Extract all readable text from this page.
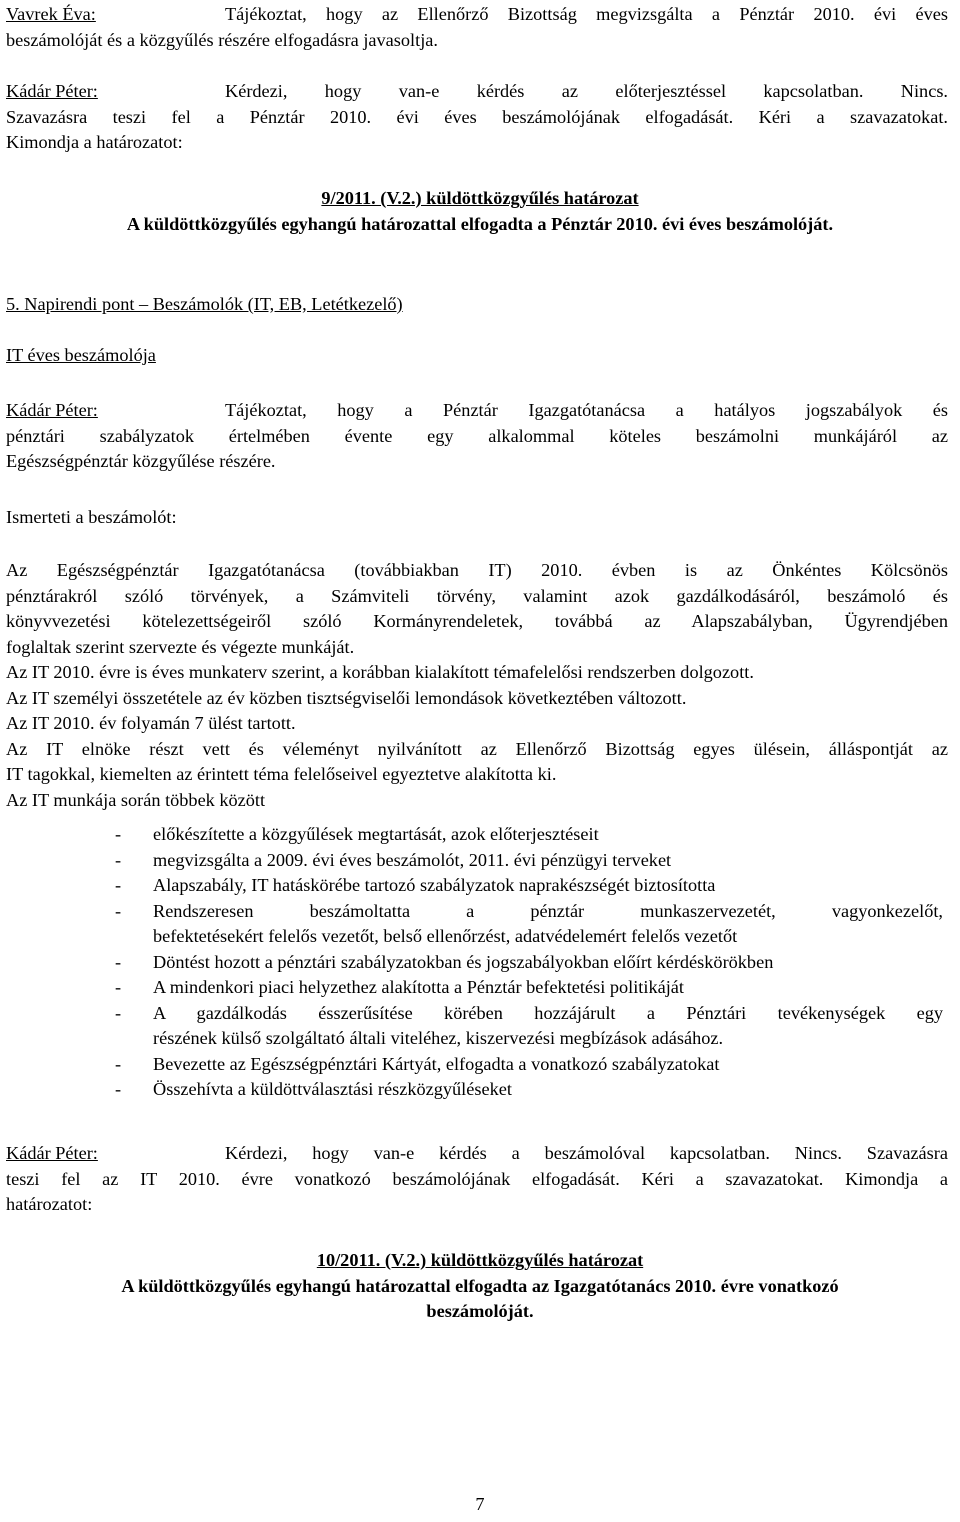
Vavrek Éva:	Tájékoztat, hogy az Ellenőrző Bizottság megvizsgálta a Pénztár 2010. évi éves
beszámolóját és a közgyűlés részére elfogadásra javasoltja.
Kádár Péter:	Kérdezi, hogy van-e kérdés az előterjesztéssel kapcsolatban. Nincs.
Szavazásra teszi fel a Pénztár 2010. évi éves beszámolójának elfogadását. Kéri a szavazatokat.
Kimondja a határozatot:
9/2011. (V.2.) küldöttközgyűlés határozat
A küldöttközgyűlés egyhangú határozattal elfogadta a Pénztár 2010. évi éves beszámolóját.
5. Napirendi pont – Beszámolók (IT, EB, Letétkezelő)
IT éves beszámolója
Kádár Péter:	Tájékoztat, hogy a Pénztár Igazgatótanácsa a hatályos jogszabályok és
pénztári szabályzatok értelmében évente egy alkalommal köteles beszámolni munkájáról az
Egészségpénztár közgyűlése részére.
Ismerteti a beszámolót:
Az Egészségpénztár Igazgatótanácsa (továbbiakban IT) 2010. évben is az Önkéntes Kölcsönös
pénztárakról szóló törvények, a Számviteli törvény, valamint azok gazdálkodásáról, beszámoló és
könyvvezetési kötelezettségeiről szóló Kormányrendeletek, továbbá az Alapszabályban, Ügyrendjében
foglaltak szerint szervezte és végezte munkáját.
Az IT 2010. évre is éves munkaterv szerint, a korábban kialakított témafelelősi rendszerben dolgozott.
Az IT személyi összetétele az év közben tisztségviselői lemondások következtében változott.
Az IT 2010. év folyamán 7 ülést tartott.
Az IT elnöke részt vett és véleményt nyilvánított az Ellenőrző Bizottság egyes ülésein, álláspontját az
IT tagokkal, kiemelten az érintett téma felelőseivel egyeztetve alakította ki.
Az IT munkája során többek között
- előkészítette a közgyűlések megtartását, azok előterjesztéseit
- megvizsgálta a 2009. évi éves beszámolót, 2011. évi pénzügyi terveket
- Alapszabály, IT hatáskörébe tartozó szabályzatok naprakészségét biztosította
- Rendszeresen beszámoltatta a pénztár munkaszervezetét, vagyonkezelőt,
befektetésekért felelős vezetőt, belső ellenőrzést, adatvédelemért felelős vezetőt
- Döntést hozott a pénztári szabályzatokban és jogszabályokban előírt kérdéskörökben
- A mindenkori piaci helyzethez alakította a Pénztár befektetési politikáját
- A gazdálkodás ésszerűsítése körében hozzájárult a Pénztári tevékenységek egy
részének külső szolgáltató általi viteléhez, kiszervezési megbízások adásához.
- Bevezette az Egészségpénztári Kártyát, elfogadta a vonatkozó szabályzatokat
- Összehívta a küldöttválasztási részközgyűléseket
Kádár Péter:	Kérdezi, hogy van-e kérdés a beszámolóval kapcsolatban. Nincs. Szavazásra
teszi fel az IT 2010. évre vonatkozó beszámolójának elfogadását. Kéri a szavazatokat. Kimondja a
határozatot:
10/2011. (V.2.) küldöttközgyűlés határozat
A küldöttközgyűlés egyhangú határozattal elfogadta az Igazgatótanács 2010. évre vonatkozó
beszámolóját.
7
